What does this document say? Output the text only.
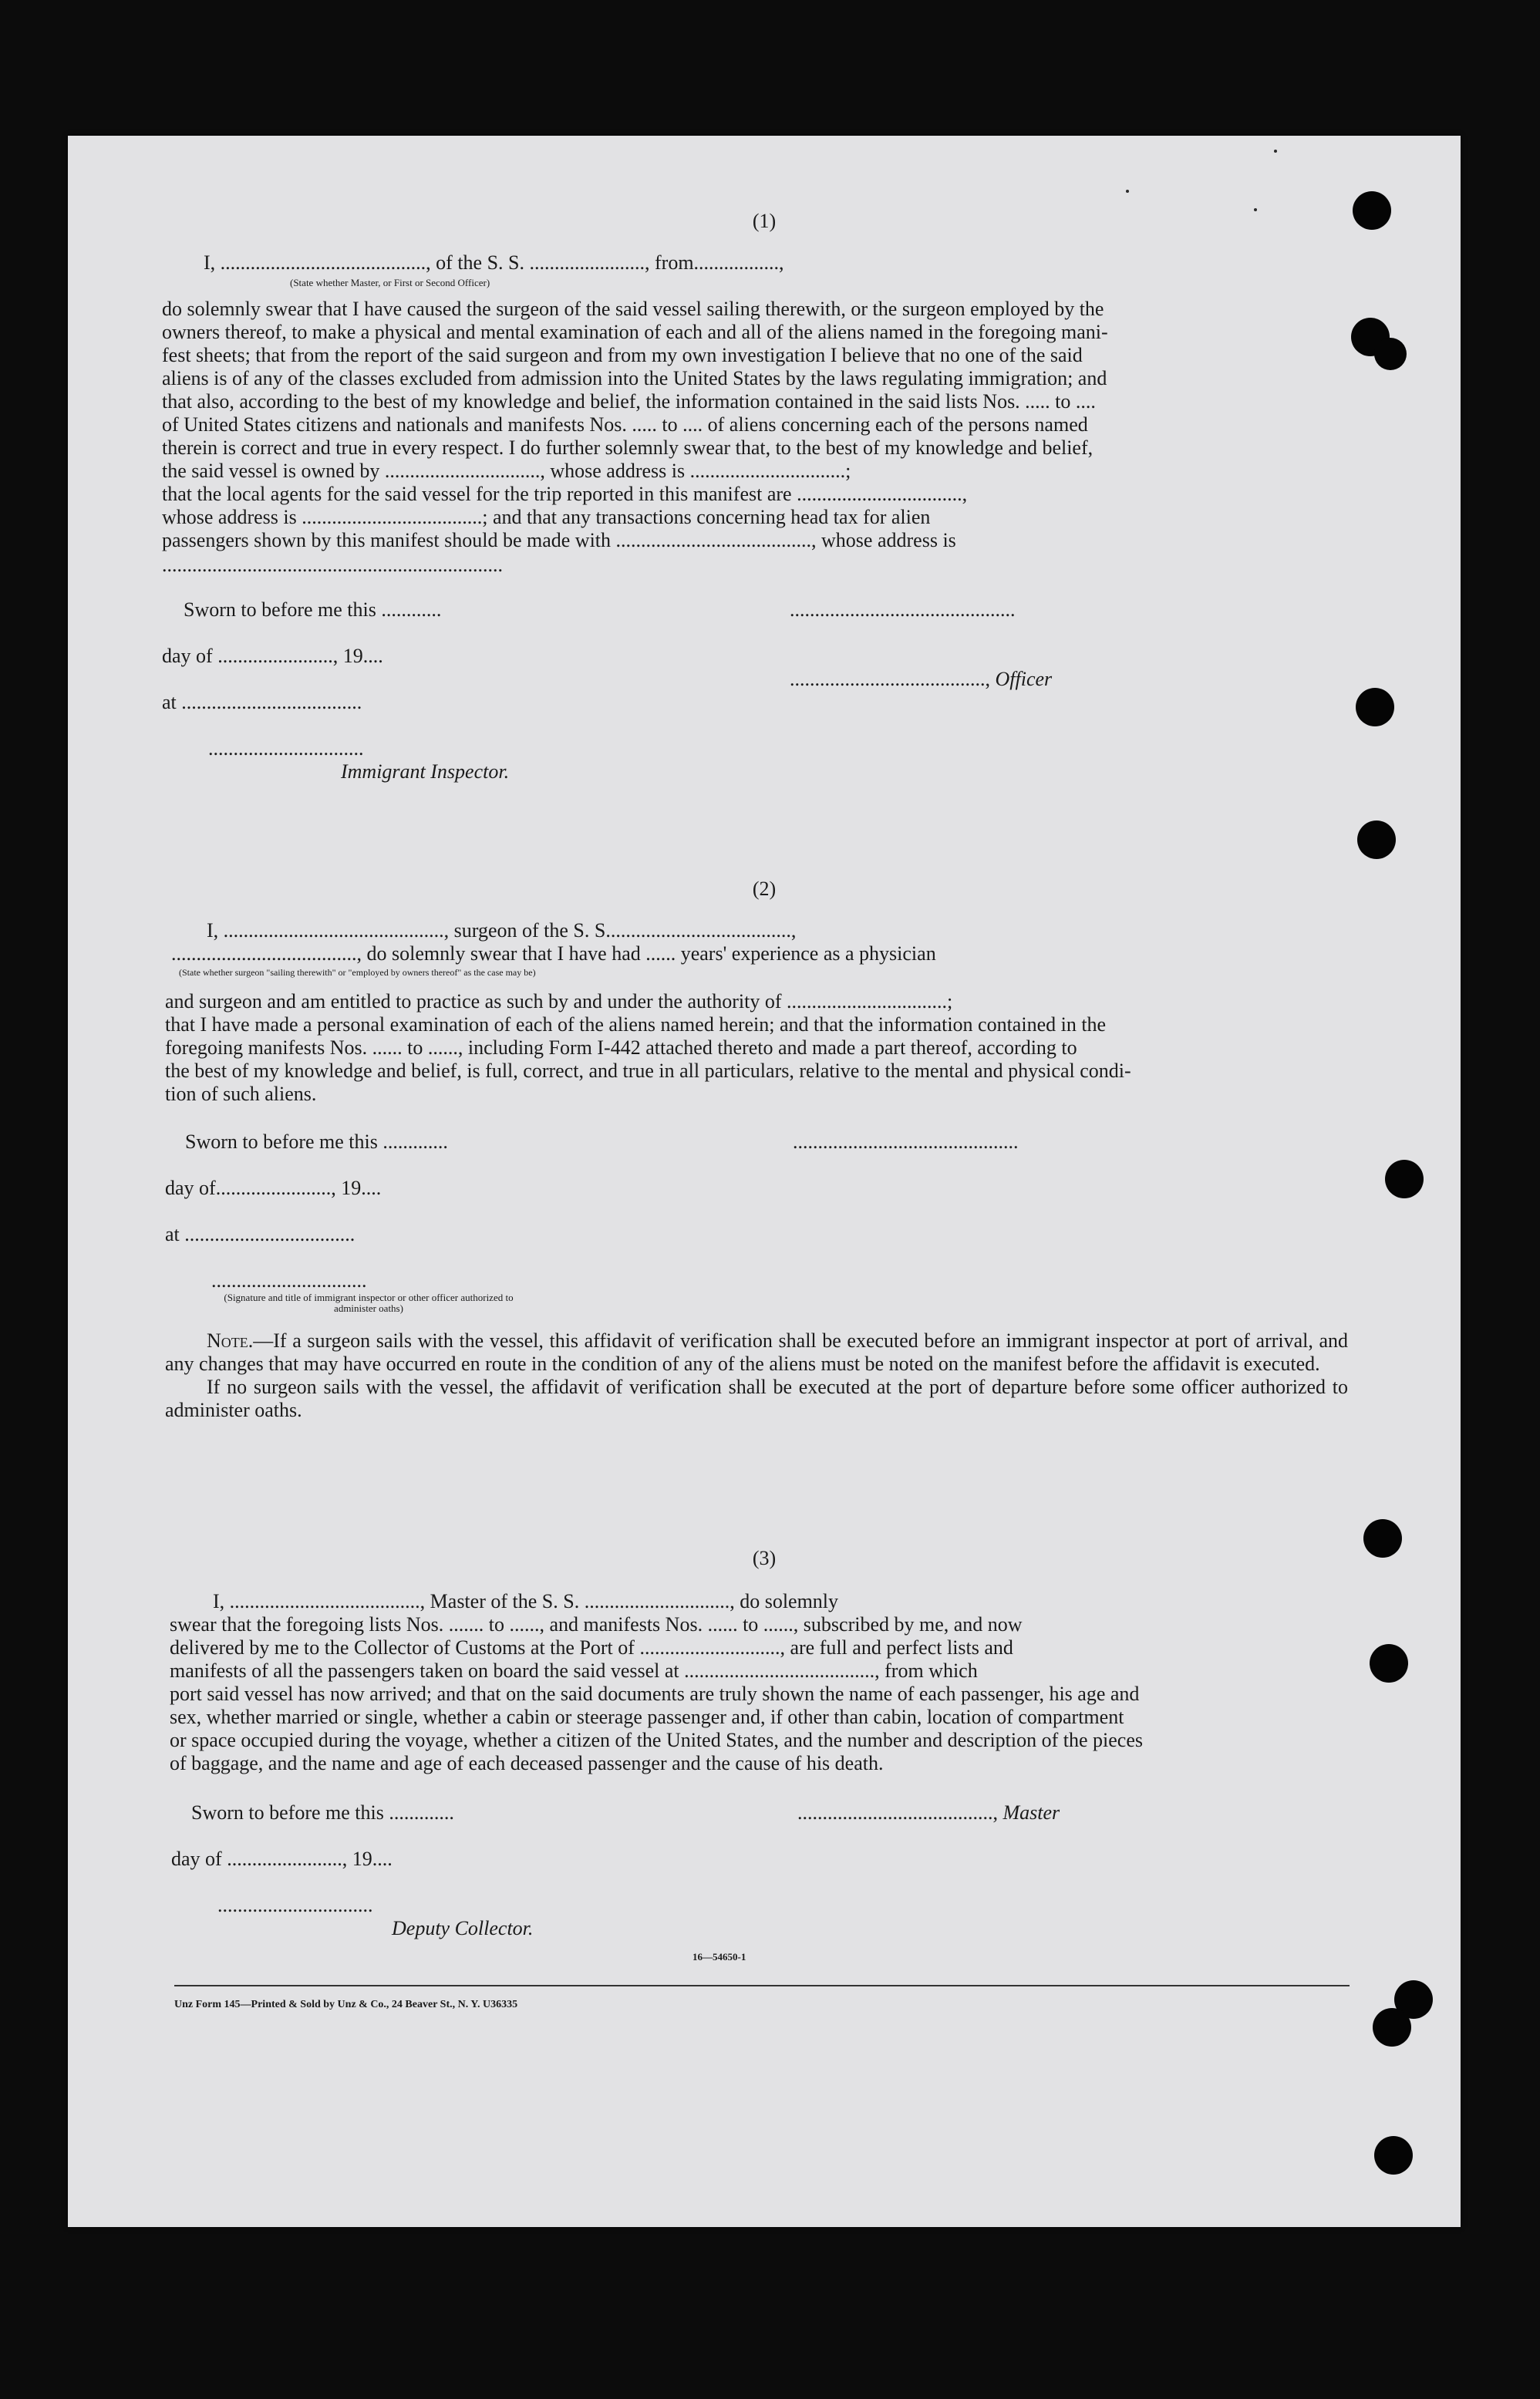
(1)
I, ........................................., of the S. S. ......................., from.................,
(State whether Master, or First or Second Officer)

do solemnly swear that I have caused the surgeon of the said vessel sailing therewith, or the surgeon employed by the

owners thereof, to make a physical and mental examination of each and all of the aliens named in the foregoing mani-

fest sheets; that from the report of the said surgeon and from my own investigation I believe that no one of the said

aliens is of any of the classes excluded from admission into the United States by the laws regulating immigration; and

that also, according to the best of my knowledge and belief, the information contained in the said lists Nos. ..... to ....

of United States citizens and nationals and manifests Nos. ..... to .... of aliens concerning each of the persons named

therein is correct and true in every respect. I do further solemnly swear that, to the best of my knowledge and belief,

the said vessel is owned by ..............................., whose address is ...............................;

that the local agents for the said vessel for the trip reported in this manifest are .................................,

whose address is ....................................; and that any transactions concerning head tax for alien

passengers shown by this manifest should be made with ......................................., whose address is

....................................................................
Sworn to before me this ............	.............................................
day of ......................., 19....
......................................., Officer
at ....................................
...............................
Immigrant Inspector.
(2)
I, ............................................, surgeon of the S. S.....................................,
....................................., do solemnly swear that I have had ...... years' experience as a physician
(State whether surgeon "sailing therewith" or "employed by owners thereof" as the case may be)

and surgeon and am entitled to practice as such by and under the authority of ................................;

that I have made a personal examination of each of the aliens named herein; and that the information contained in the

foregoing manifests Nos. ...... to ......, including Form I-442 attached thereto and made a part thereof, according to

the best of my knowledge and belief, is full, correct, and true in all particulars, relative to the mental and physical condi-

tion of such aliens.

Sworn to before me this .............	.............................................
day of......................., 19....
at ..................................
...............................
(Signature and title of immigrant inspector or other officer authorized to administer oaths)

Note.—If a surgeon sails with the vessel, this affidavit of verification shall be executed before an immigrant inspector at port of arrival, and any changes that may have occurred en route in the condition of any of the aliens must be noted on the manifest before the affidavit is executed.

If no surgeon sails with the vessel, the affidavit of verification shall be executed at the port of departure before some officer authorized to administer oaths.

(3)

I, ......................................, Master of the S. S. ............................., do solemnly

swear that the foregoing lists Nos. ....... to ......, and manifests Nos. ...... to ......, subscribed by me, and now

delivered by me to the Collector of Customs at the Port of ............................, are full and perfect lists and

manifests of all the passengers taken on board the said vessel at ......................................, from which

port said vessel has now arrived; and that on the said documents are truly shown the name of each passenger, his age and

sex, whether married or single, whether a cabin or steerage passenger and, if other than cabin, location of compartment

or space occupied during the voyage, whether a citizen of the United States, and the number and description of the pieces

of baggage, and the name and age of each deceased passenger and the cause of his death.

Sworn to before me this .............	......................................., Master
day of ......................., 19....
...............................
Deputy Collector.
16—54650-1
Unz Form 145—Printed & Sold by Unz & Co., 24 Beaver St., N. Y. U36335
